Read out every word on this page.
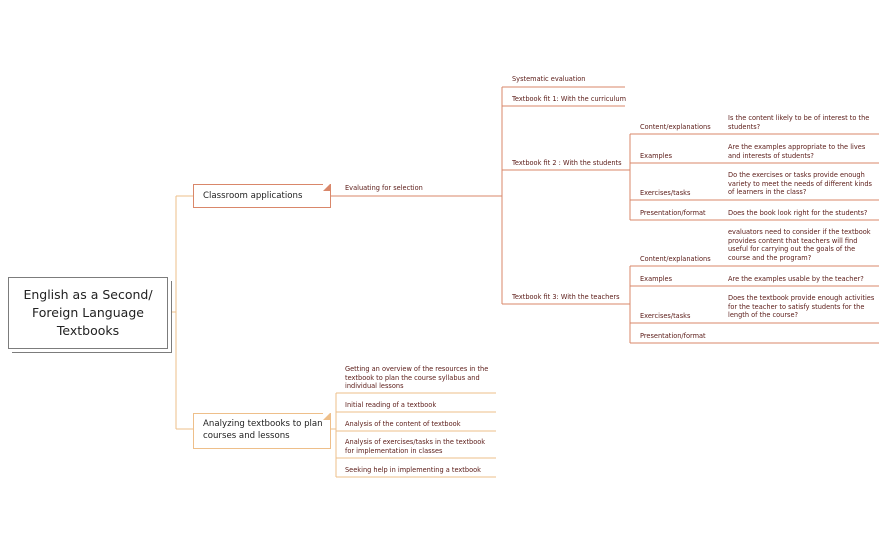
English as a Second/
Foreign Language
Textbooks
Classroom applications
Analyzing textbooks to plan courses and lessons
Evaluating for selection
Systematic evaluation
Textbook fit 1: With the curriculum
Textbook fit 2 : With the students
Textbook fit 3: With the teachers
Content/explanations
Is the content likely to be of interest to the students?
Examples
Are the examples appropriate to the lives and interests of students?
Exercises/tasks
Do the exercises or tasks provide enough variety to meet the needs of different kinds of learners in the class?
Presentation/format	Does the book look right for the students?
Content/explanations
evaluators need to consider if the textbook provides content that teachers will find useful for carrying out the goals of the course and the program?
Examples	Are the examples usable by the teacher?
Exercises/tasks
Does the textbook provide enough activities for the teacher to satisfy students for the length of the course?
Presentation/format
Getting an overview of the resources in the textbook to plan the course syllabus and individual lessons
Initial reading of a textbook
Analysis of the content of textbook
Analysis of exercises/tasks in the textbook for implementation in classes
Seeking help in implementing a textbook
